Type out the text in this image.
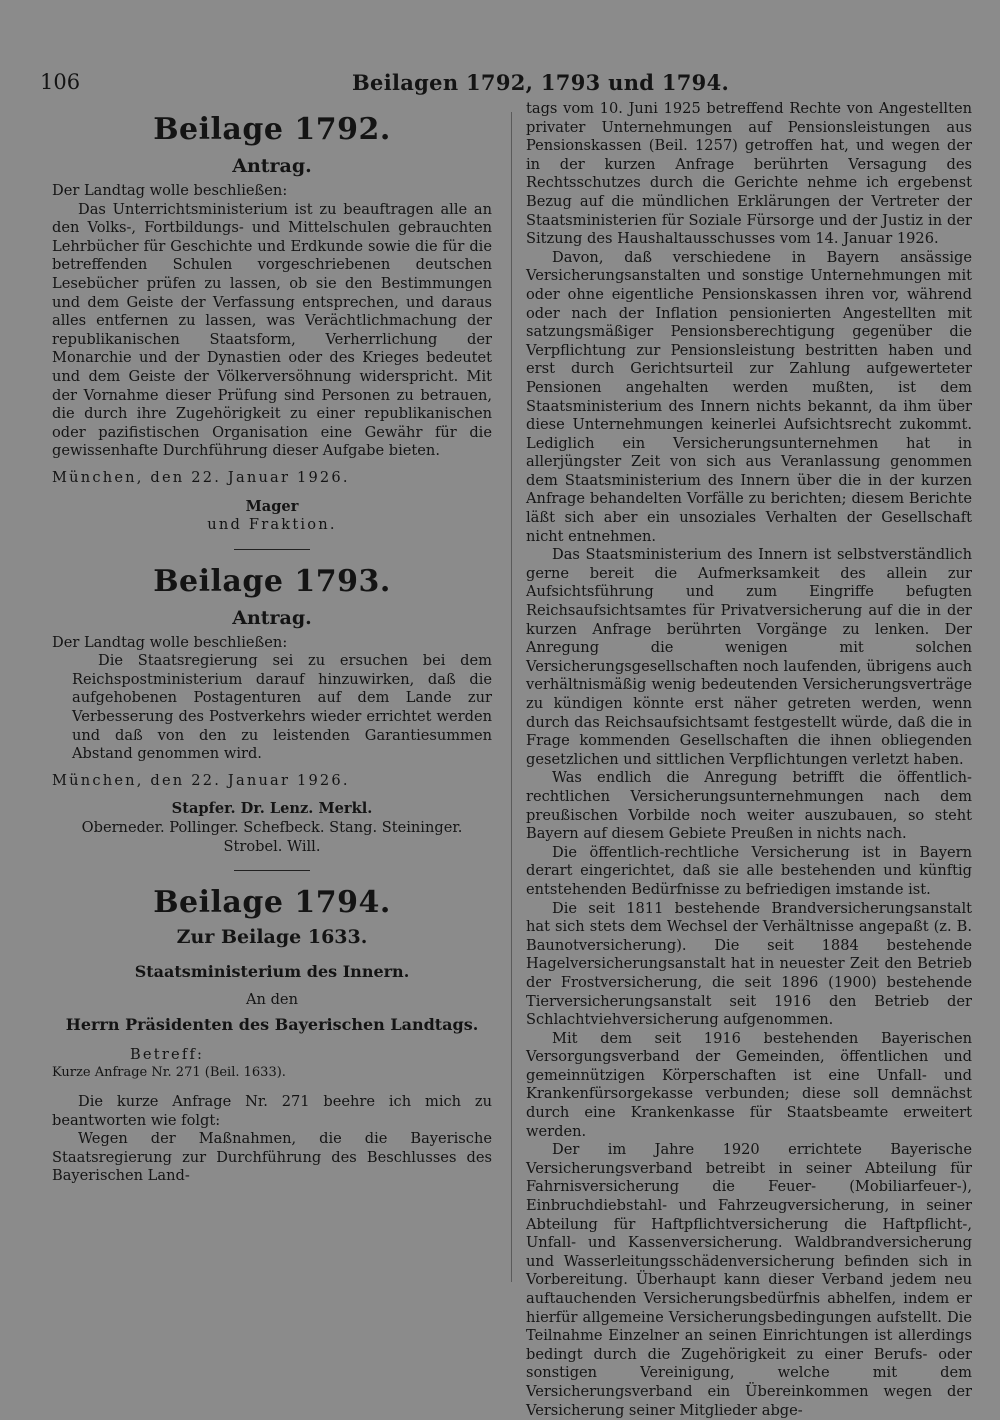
106	Beilagen 1792, 1793 und 1794.
Beilage 1792.
Antrag.

Der Landtag wolle beschließen:

Das Unterrichtsministerium ist zu beauftragen alle an den Volks-, Fortbildungs- und Mittelschulen gebrauchten Lehrbücher für Geschichte und Erdkunde sowie die für die betreffenden Schulen vorgeschriebenen deutschen Lesebücher prüfen zu lassen, ob sie den Bestimmungen und dem Geiste der Verfassung entsprechen, und daraus alles entfernen zu lassen, was Verächtlichmachung der republikanischen Staatsform, Verherrlichung der Monarchie und der Dynastien oder des Krieges bedeutet und dem Geiste der Völkerversöhnung widerspricht. Mit der Vornahme dieser Prüfung sind Personen zu betrauen, die durch ihre Zugehörigkeit zu einer republikanischen oder pazifistischen Organisation eine Gewähr für die gewissenhafte Durchführung dieser Aufgabe bieten.

München, den 22. Januar 1926.

Mager
und Fraktion.
Beilage 1793.
Antrag.

Der Landtag wolle beschließen:

Die Staatsregierung sei zu ersuchen bei dem Reichspostministerium darauf hinzuwirken, daß die aufgehobenen Postagenturen auf dem Lande zur Verbesserung des Postverkehrs wieder errichtet werden und daß von den zu leistenden Garantiesummen Abstand genommen wird.

München, den 22. Januar 1926.

Stapfer. Dr. Lenz. Merkl.
Oberneder. Pollinger. Schefbeck. Stang. Steininger.
Strobel. Will.
Beilage 1794.
Zur Beilage 1633.
Staatsministerium des Innern.
An den
Herrn Präsidenten des Bayerischen Landtags.

Betreff:

Kurze Anfrage Nr. 271 (Beil. 1633).

Die kurze Anfrage Nr. 271 beehre ich mich zu beantworten wie folgt:

Wegen der Maßnahmen, die die Bayerische Staatsregierung zur Durchführung des Beschlusses des Bayerischen Land-

tags vom 10. Juni 1925 betreffend Rechte von Angestellten privater Unternehmungen auf Pensionsleistungen aus Pensionskassen (Beil. 1257) getroffen hat, und wegen der in der kurzen Anfrage berührten Versagung des Rechtsschutzes durch die Gerichte nehme ich ergebenst Bezug auf die mündlichen Erklärungen der Vertreter der Staatsministerien für Soziale Fürsorge und der Justiz in der Sitzung des Haushaltausschusses vom 14. Januar 1926.

Davon, daß verschiedene in Bayern ansässige Versicherungsanstalten und sonstige Unternehmungen mit oder ohne eigentliche Pensionskassen ihren vor, während oder nach der Inflation pensionierten Angestellten mit satzungsmäßiger Pensionsberechtigung gegenüber die Verpflichtung zur Pensionsleistung bestritten haben und erst durch Gerichtsurteil zur Zahlung aufgewerteter Pensionen angehalten werden mußten, ist dem Staatsministerium des Innern nichts bekannt, da ihm über diese Unternehmungen keinerlei Aufsichtsrecht zukommt. Lediglich ein Versicherungsunternehmen hat in allerjüngster Zeit von sich aus Veranlassung genommen dem Staatsministerium des Innern über die in der kurzen Anfrage behandelten Vorfälle zu berichten; diesem Berichte läßt sich aber ein unsoziales Verhalten der Gesellschaft nicht entnehmen.

Das Staatsministerium des Innern ist selbstverständlich gerne bereit die Aufmerksamkeit des allein zur Aufsichtsführung und zum Eingriffe befugten Reichsaufsichtsamtes für Privatversicherung auf die in der kurzen Anfrage berührten Vorgänge zu lenken. Der Anregung die wenigen mit solchen Versicherungsgesellschaften noch laufenden, übrigens auch verhältnismäßig wenig bedeutenden Versicherungsverträge zu kündigen könnte erst näher getreten werden, wenn durch das Reichsaufsichtsamt festgestellt würde, daß die in Frage kommenden Gesellschaften die ihnen obliegenden gesetzlichen und sittlichen Verpflichtungen verletzt haben.

Was endlich die Anregung betrifft die öffentlich-rechtlichen Versicherungsunternehmungen nach dem preußischen Vorbilde noch weiter auszubauen, so steht Bayern auf diesem Gebiete Preußen in nichts nach.

Die öffentlich-rechtliche Versicherung ist in Bayern derart eingerichtet, daß sie alle bestehenden und künftig entstehenden Bedürfnisse zu befriedigen imstande ist.

Die seit 1811 bestehende Brandversicherungsanstalt hat sich stets dem Wechsel der Verhältnisse angepaßt (z. B. Baunotversicherung). Die seit 1884 bestehende Hagelversicherungsanstalt hat in neuester Zeit den Betrieb der Frostversicherung, die seit 1896 (1900) bestehende Tierversicherungsanstalt seit 1916 den Betrieb der Schlachtviehversicherung aufgenommen.

Mit dem seit 1916 bestehenden Bayerischen Versorgungsverband der Gemeinden, öffentlichen und gemeinnützigen Körperschaften ist eine Unfall- und Krankenfürsorgekasse verbunden; diese soll demnächst durch eine Krankenkasse für Staatsbeamte erweitert werden.

Der im Jahre 1920 errichtete Bayerische Versicherungsverband betreibt in seiner Abteilung für Fahrnisversicherung die Feuer- (Mobiliarfeuer-), Einbruchdiebstahl- und Fahrzeugversicherung, in seiner Abteilung für Haftpflichtversicherung die Haftpflicht-, Unfall- und Kassenversicherung. Waldbrandversicherung und Wasserleitungsschädenversicherung befinden sich in Vorbereitung. Überhaupt kann dieser Verband jedem neu auftauchenden Versicherungsbedürfnis abhelfen, indem er hierfür allgemeine Versicherungsbedingungen aufstellt. Die Teilnahme Einzelner an seinen Einrichtungen ist allerdings bedingt durch die Zugehörigkeit zu einer Berufs- oder sonstigen Vereinigung, welche mit dem Versicherungsverband ein Übereinkommen wegen der Versicherung seiner Mitglieder abge-
